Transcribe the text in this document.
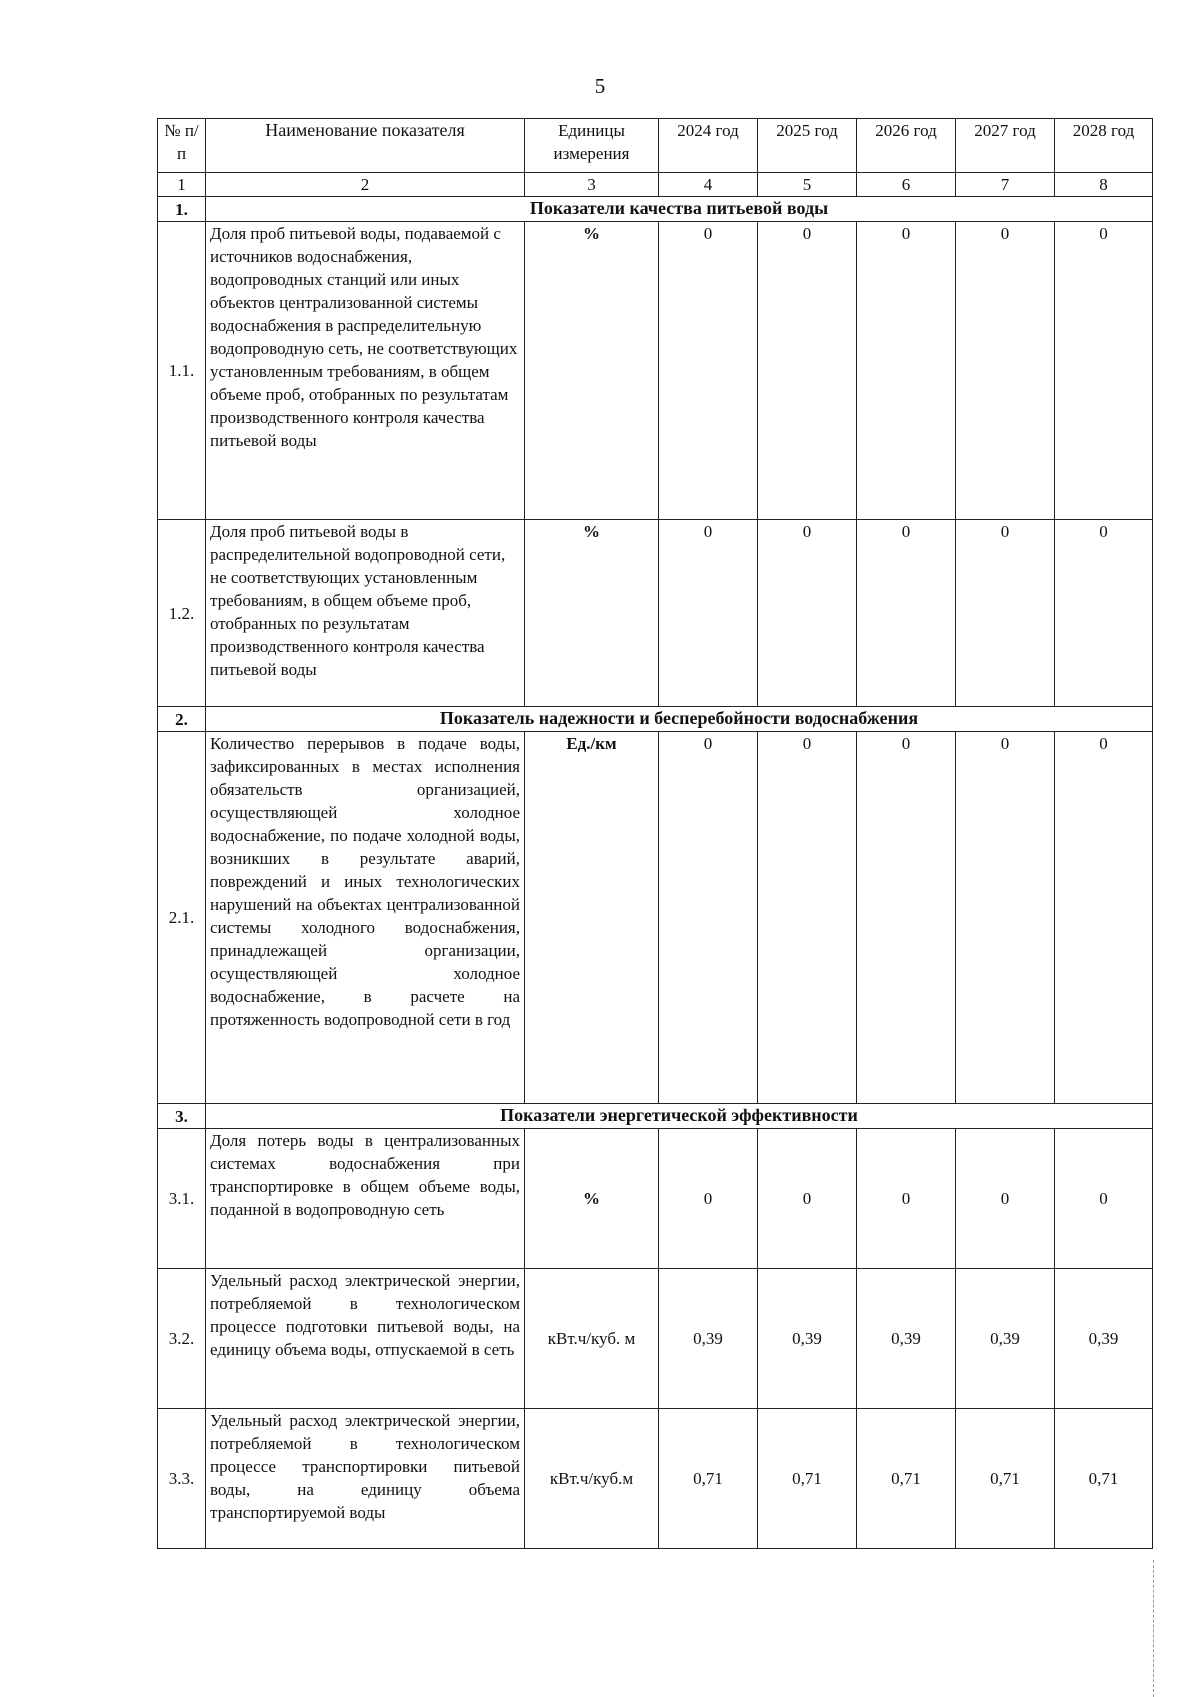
5
№ п/п	Наименование показателя	Единицы измерения	2024 год	2025 год	2026 год	2027 год	2028 год
1	2	3	4	5	6	7	8
1.	Показатели качества питьевой воды						
1.1.	Доля проб питьевой воды, подаваемой с источников водоснабжения, водопроводных станций или иных объектов централизованной системы водоснабжения в распределительную водопроводную сеть, не соответствующих установленным требованиям, в общем объеме проб, отобранных по результатам производственного контроля качества питьевой воды	%	0	0	0	0	0
1.2.	Доля проб питьевой воды в распределительной водопроводной сети, не соответствующих установленным требованиям, в общем объеме проб, отобранных по результатам производственного контроля качества питьевой воды	%	0	0	0	0	0
2.	Показатель надежности и бесперебойности водоснабжения						
2.1.	Количество перерывов в подаче воды, зафиксированных в местах исполнения обязательств организацией, осуществляющей холодное водоснабжение, по подаче холодной воды, возникших в результате аварий, повреждений и иных технологических нарушений на объектах централизованной системы холодного водоснабжения, принадлежащей организации, осуществляющей холодное водоснабжение, в расчете на протяженность водопроводной сети в год	Ед./км	0	0	0	0	0
3.	Показатели энергетической эффективности						
3.1.	Доля потерь воды в централизованных системах водоснабжения при транспортировке в общем объеме воды, поданной в водопроводную сеть	%	0	0	0	0	0
3.2.	Удельный расход электрической энергии, потребляемой в технологическом процессе подготовки питьевой воды, на единицу объема воды, отпускаемой в сеть	кВт.ч/куб. м	0,39	0,39	0,39	0,39	0,39
3.3.	Удельный расход электрической энергии, потребляемой в технологическом процессе транспортировки питьевой воды, на единицу объема транспортируемой воды	кВт.ч/куб.м	0,71	0,71	0,71	0,71	0,71
